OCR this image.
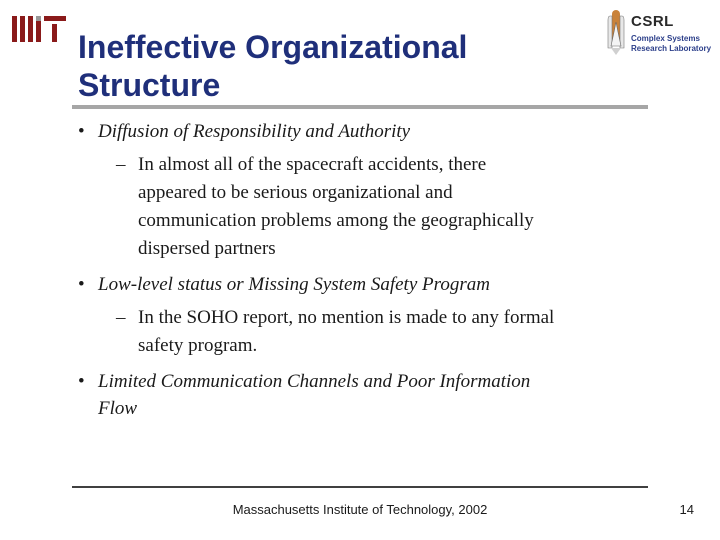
Ineffective Organizational
Structure
CSRL
Complex Systems
Research Laboratory
• Diffusion of Responsibility and Authority
– In almost all of the spacecraft accidents, there
appeared to be serious organizational and
communication problems among the geographically
dispersed partners
• Low-level status or Missing System Safety Program
– In the SOHO report, no mention is made to any formal
safety program.
• Limited Communication Channels and Poor Information
Flow
Massachusetts Institute of Technology, 2002	14
